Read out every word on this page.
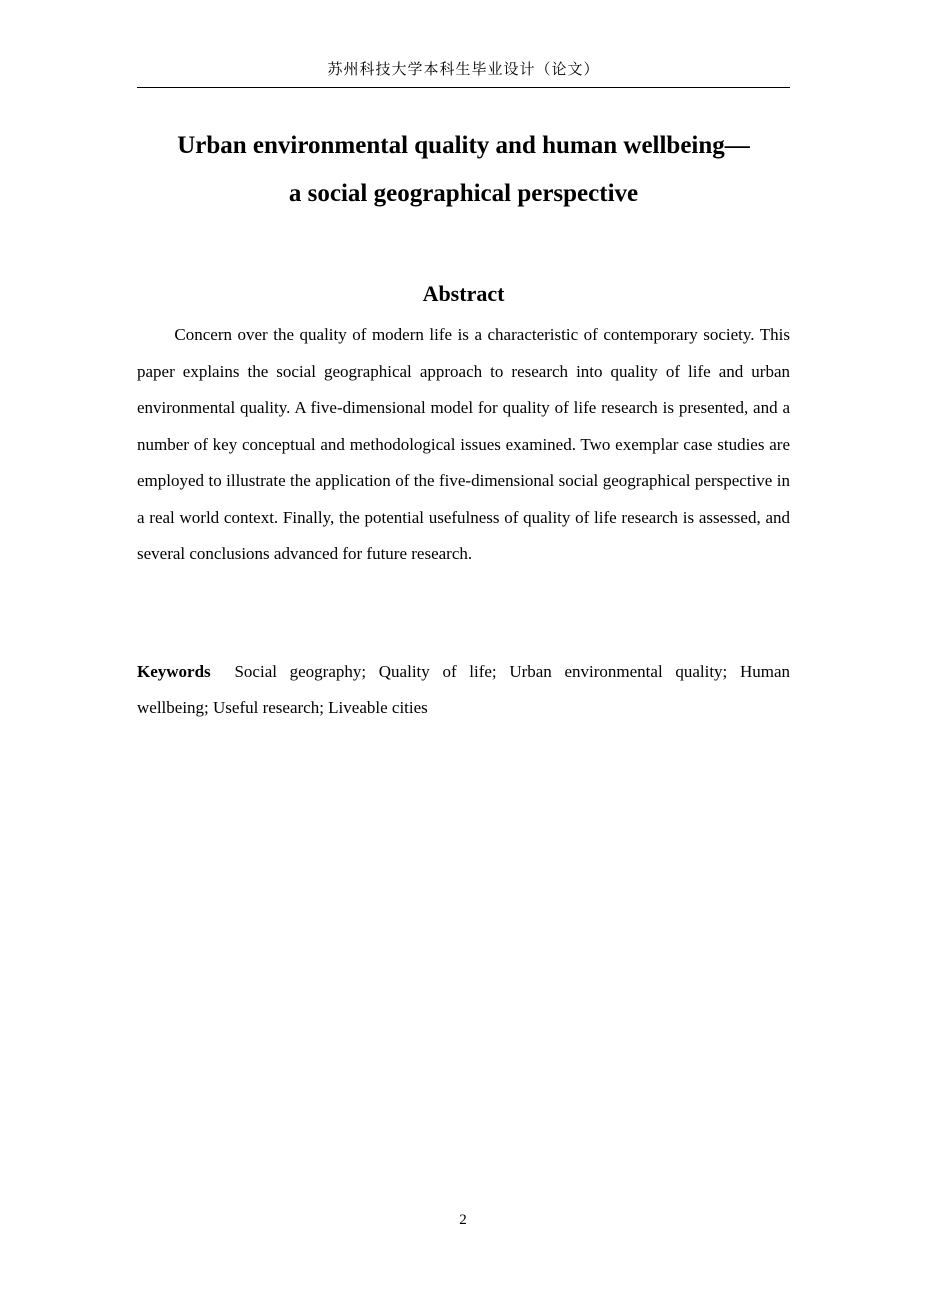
苏州科技大学本科生毕业设计（论文）
Urban environmental quality and human wellbeing—
a social geographical perspective
Abstract

Concern over the quality of modern life is a characteristic of contemporary society. This paper explains the social geographical approach to research into quality of life and urban environmental quality. A five-dimensional model for quality of life research is presented, and a number of key conceptual and methodological issues examined. Two exemplar case studies are employed to illustrate the application of the five-dimensional social geographical perspective in a real world context. Finally, the potential usefulness of quality of life research is assessed, and several conclusions advanced for future research.

Keywords Social geography; Quality of life; Urban environmental quality; Human wellbeing; Useful research; Liveable cities

2
